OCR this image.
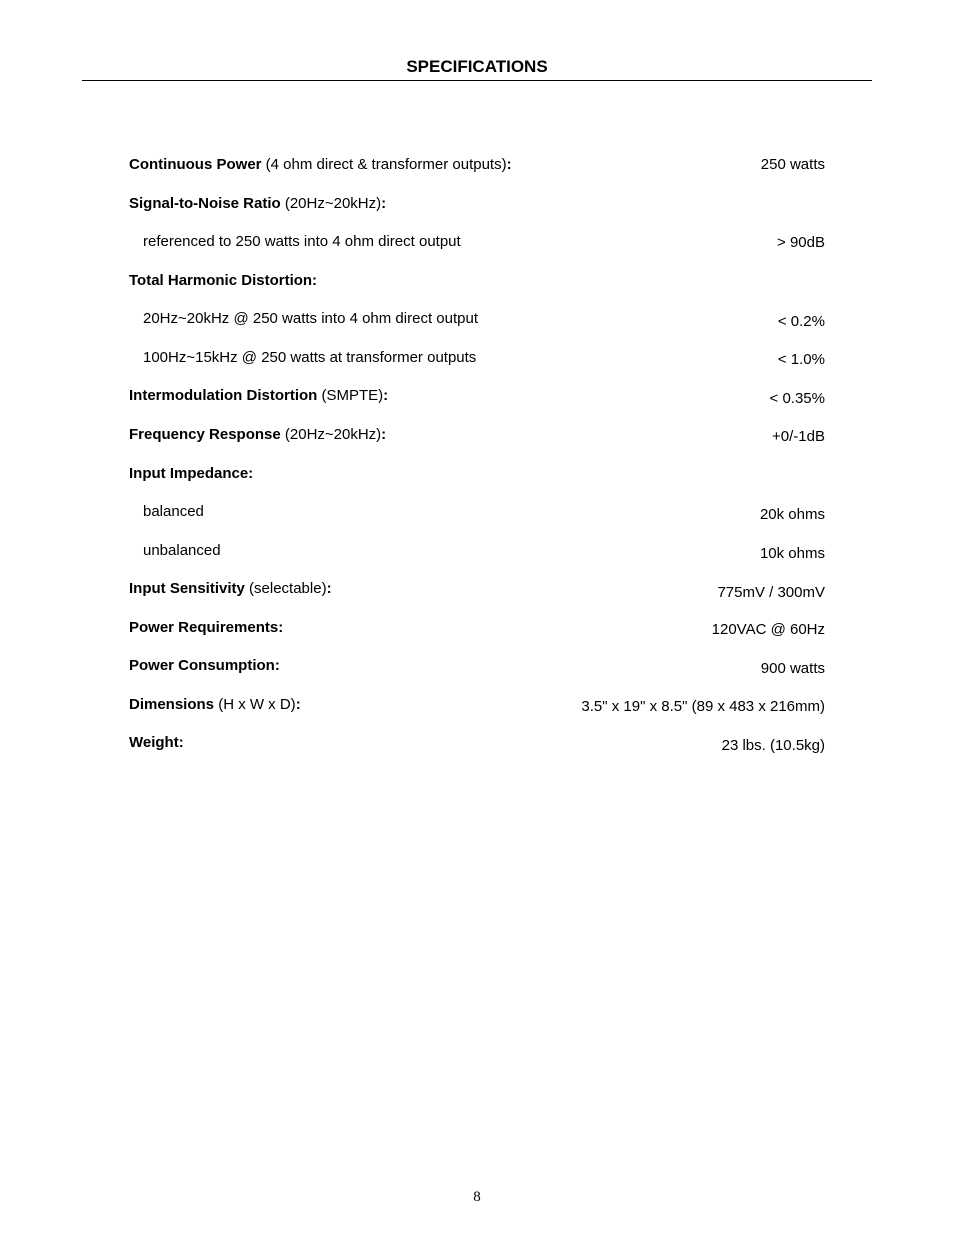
SPECIFICATIONS
Continuous Power (4 ohm direct & transformer outputs):	250 watts
Signal-to-Noise Ratio (20Hz~20kHz):
referenced to 250 watts into 4 ohm direct output	> 90dB
Total Harmonic Distortion:
20Hz~20kHz @ 250 watts into 4 ohm direct output	< 0.2%
100Hz~15kHz @ 250 watts at transformer outputs	< 1.0%
Intermodulation Distortion (SMPTE):	< 0.35%
Frequency Response (20Hz~20kHz):	+0/-1dB
Input Impedance:
balanced	20k ohms
unbalanced	10k ohms
Input Sensitivity (selectable):	775mV / 300mV
Power Requirements:	120VAC @ 60Hz
Power Consumption:	900 watts
Dimensions (H x W x D):	3.5" x 19" x 8.5" (89 x 483 x 216mm)
Weight:	23 lbs. (10.5kg)
8
